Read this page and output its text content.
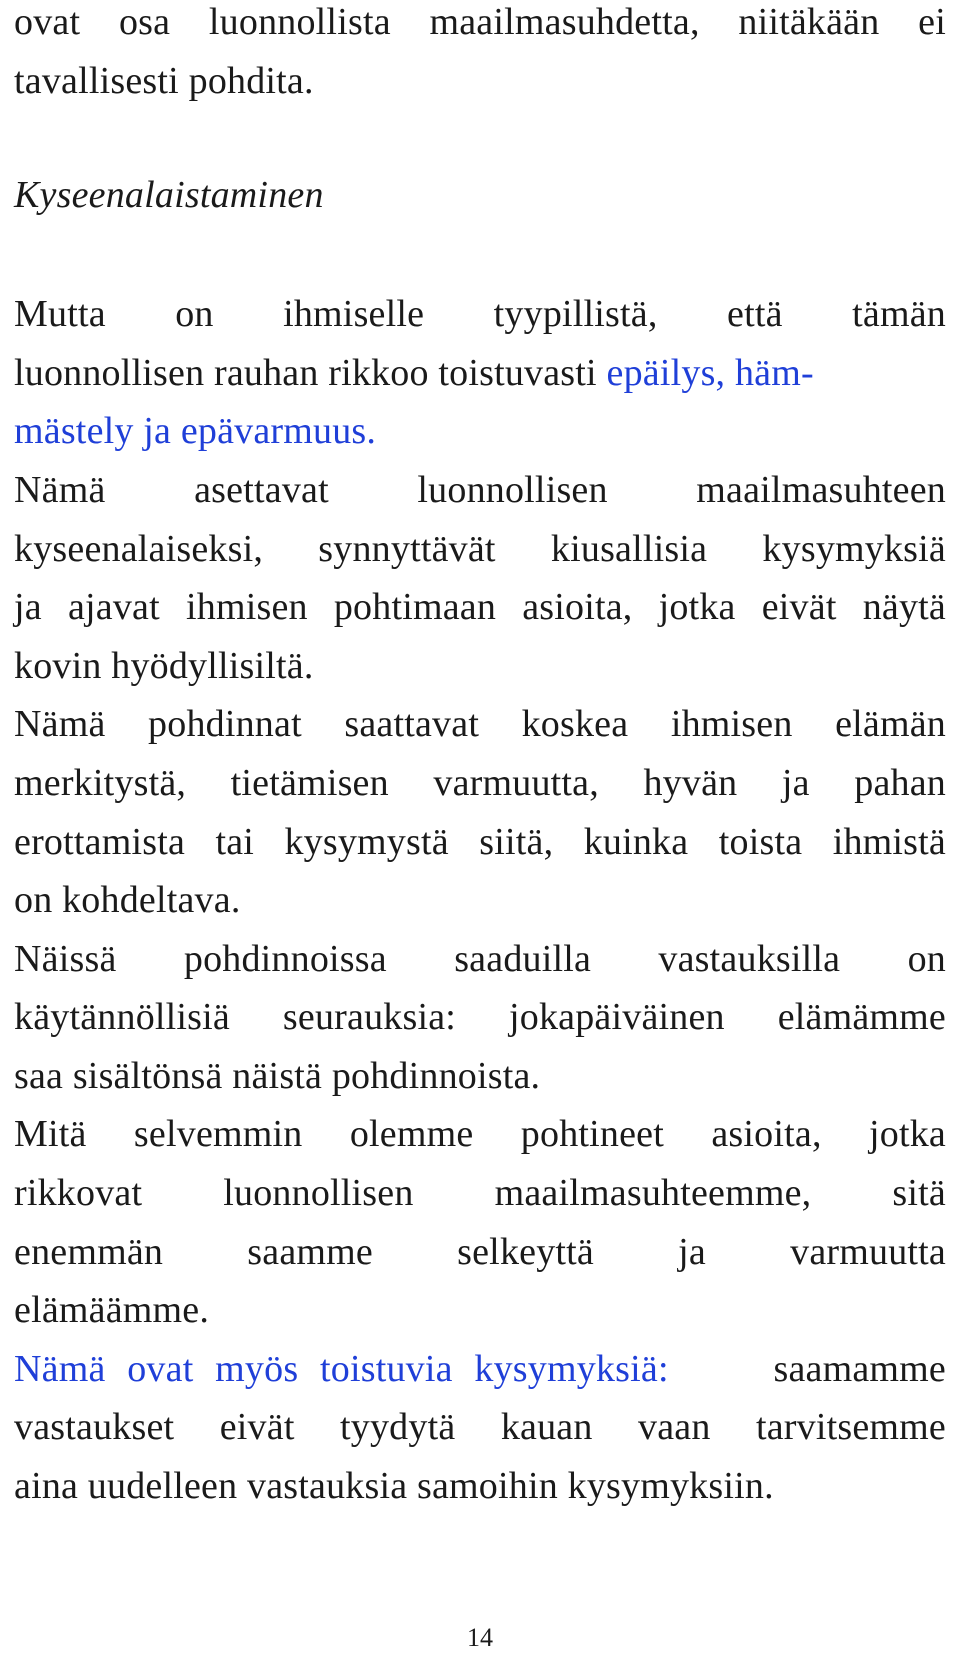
ovat osa luonnollista maailmasuhdetta, niitäkään ei
tavallisesti pohdita.
Kyseenalaistaminen
Mutta on ihmiselle tyypillistä, että tämän
luonnollisen rauhan rikkoo toistuvasti epäilys, häm-
mästely ja epävarmuus.
Nämä asettavat luonnollisen maailmasuhteen
kyseenalaiseksi, synnyttävät kiusallisia kysymyksiä
ja ajavat ihmisen pohtimaan asioita, jotka eivät näytä
kovin hyödyllisiltä.
Nämä pohdinnat saattavat koskea ihmisen elämän
merkitystä, tietämisen varmuutta, hyvän ja pahan
erottamista tai kysymystä siitä, kuinka toista ihmistä
on kohdeltava.
Näissä pohdinnoissa saaduilla vastauksilla on
käytännöllisiä seurauksia: jokapäiväinen elämämme
saa sisältönsä näistä pohdinnoista.
Mitä selvemmin olemme pohtineet asioita, jotka
rikkovat luonnollisen maailmasuhteemme, sitä
enemmän saamme selkeyttä ja varmuutta
elämäämme.
Nämä ovat myös toistuvia kysymyksiä:	saamamme
vastaukset eivät tyydytä kauan vaan tarvitsemme
aina uudelleen vastauksia samoihin kysymyksiin.
14
